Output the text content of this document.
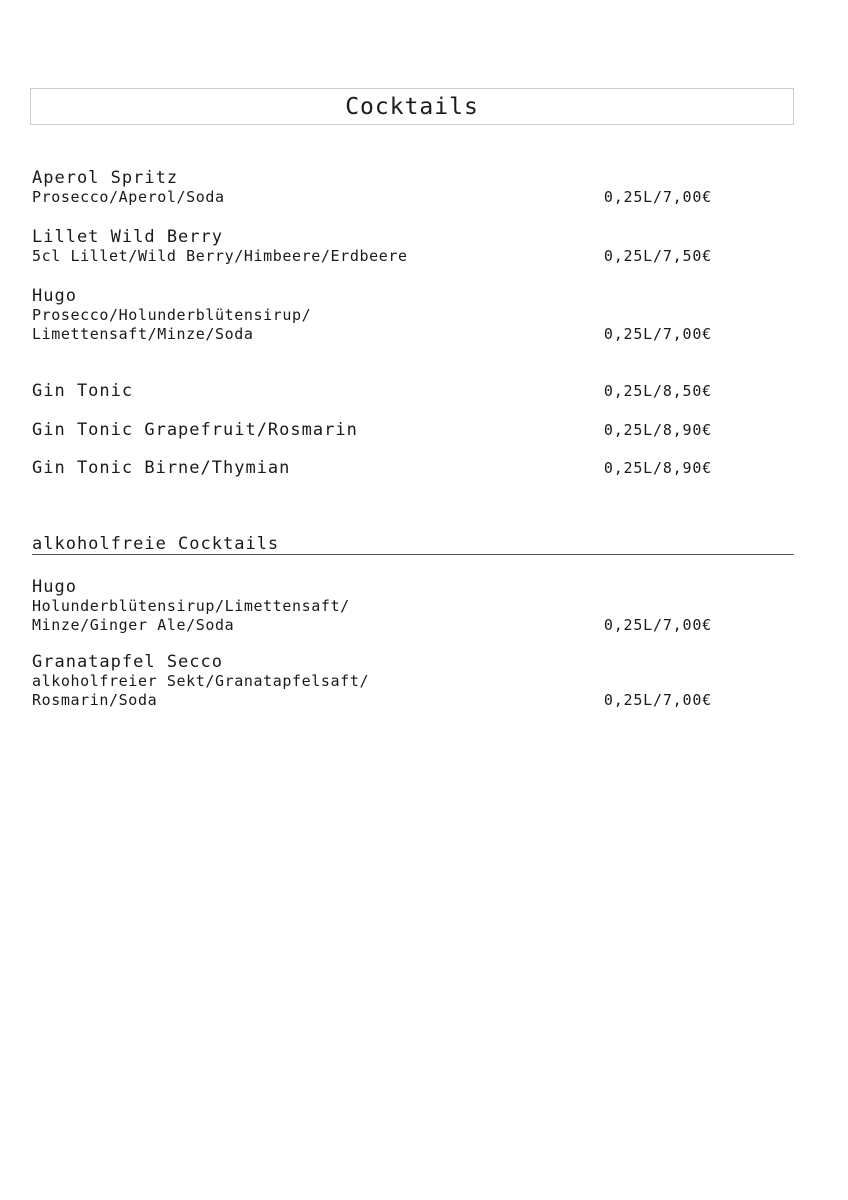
Cocktails
Aperol Spritz
Prosecco/Aperol/Soda	0,25L/7,00€
Lillet Wild Berry
5cl Lillet/Wild Berry/Himbeere/Erdbeere	0,25L/7,50€
Hugo
Prosecco/Holunderblütensirup/
Limettensaft/Minze/Soda	0,25L/7,00€
Gin Tonic	0,25L/8,50€
Gin Tonic Grapefruit/Rosmarin	0,25L/8,90€
Gin Tonic Birne/Thymian	0,25L/8,90€
alkoholfreie Cocktails
Hugo
Holunderblütensirup/Limettensaft/
Minze/Ginger Ale/Soda	0,25L/7,00€
Granatapfel Secco
alkoholfreier Sekt/Granatapfelsaft/
Rosmarin/Soda	0,25L/7,00€
